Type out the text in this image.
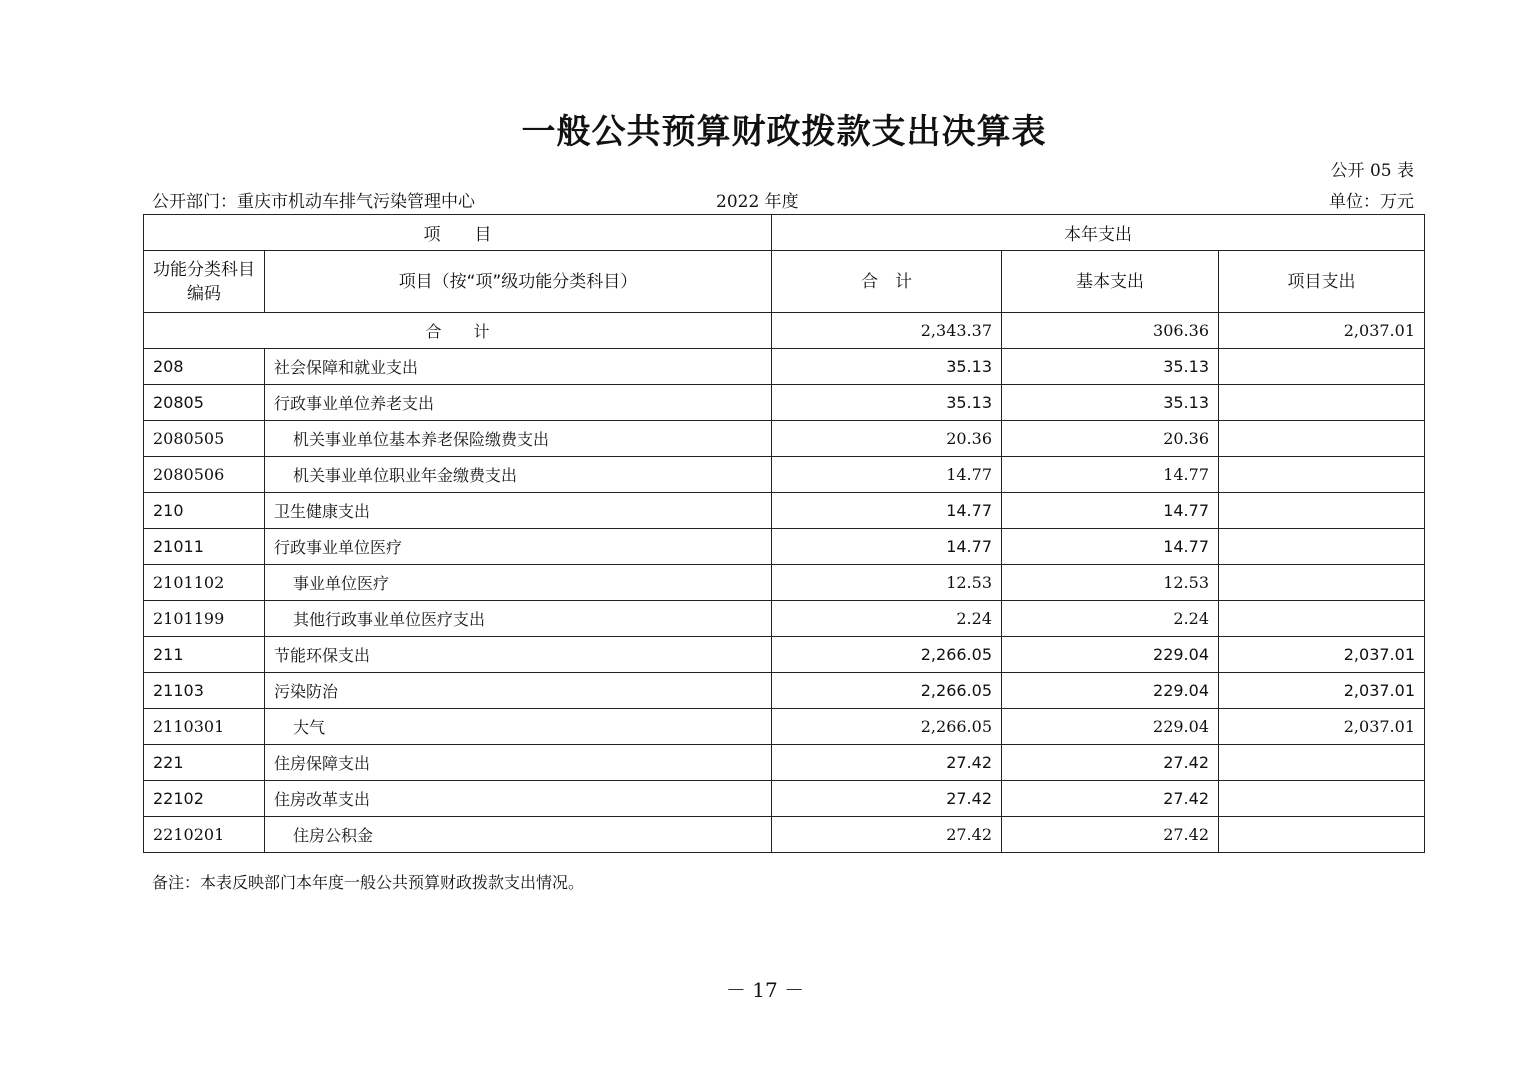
一般公共预算财政拨款支出决算表
公开 05 表
公开部门：重庆市机动车排气污染管理中心	2022 年度	单位：万元
项　　目		本年支出		
功能分类科目编码	项目（按“项”级功能分类科目）	合　计	基本支出	项目支出
合　　计		2,343.37	306.36	2,037.01
208	社会保障和就业支出	35.13	35.13	
20805	行政事业单位养老支出	35.13	35.13	
2080505	机关事业单位基本养老保险缴费支出	20.36	20.36	
2080506	机关事业单位职业年金缴费支出	14.77	14.77	
210	卫生健康支出	14.77	14.77	
21011	行政事业单位医疗	14.77	14.77	
2101102	事业单位医疗	12.53	12.53	
2101199	其他行政事业单位医疗支出	2.24	2.24	
211	节能环保支出	2,266.05	229.04	2,037.01
21103	污染防治	2,266.05	229.04	2,037.01
2110301	大气	2,266.05	229.04	2,037.01
221	住房保障支出	27.42	27.42	
22102	住房改革支出	27.42	27.42	
2210201	住房公积金	27.42	27.42	
备注：本表反映部门本年度一般公共预算财政拨款支出情况。
－ 17 －
